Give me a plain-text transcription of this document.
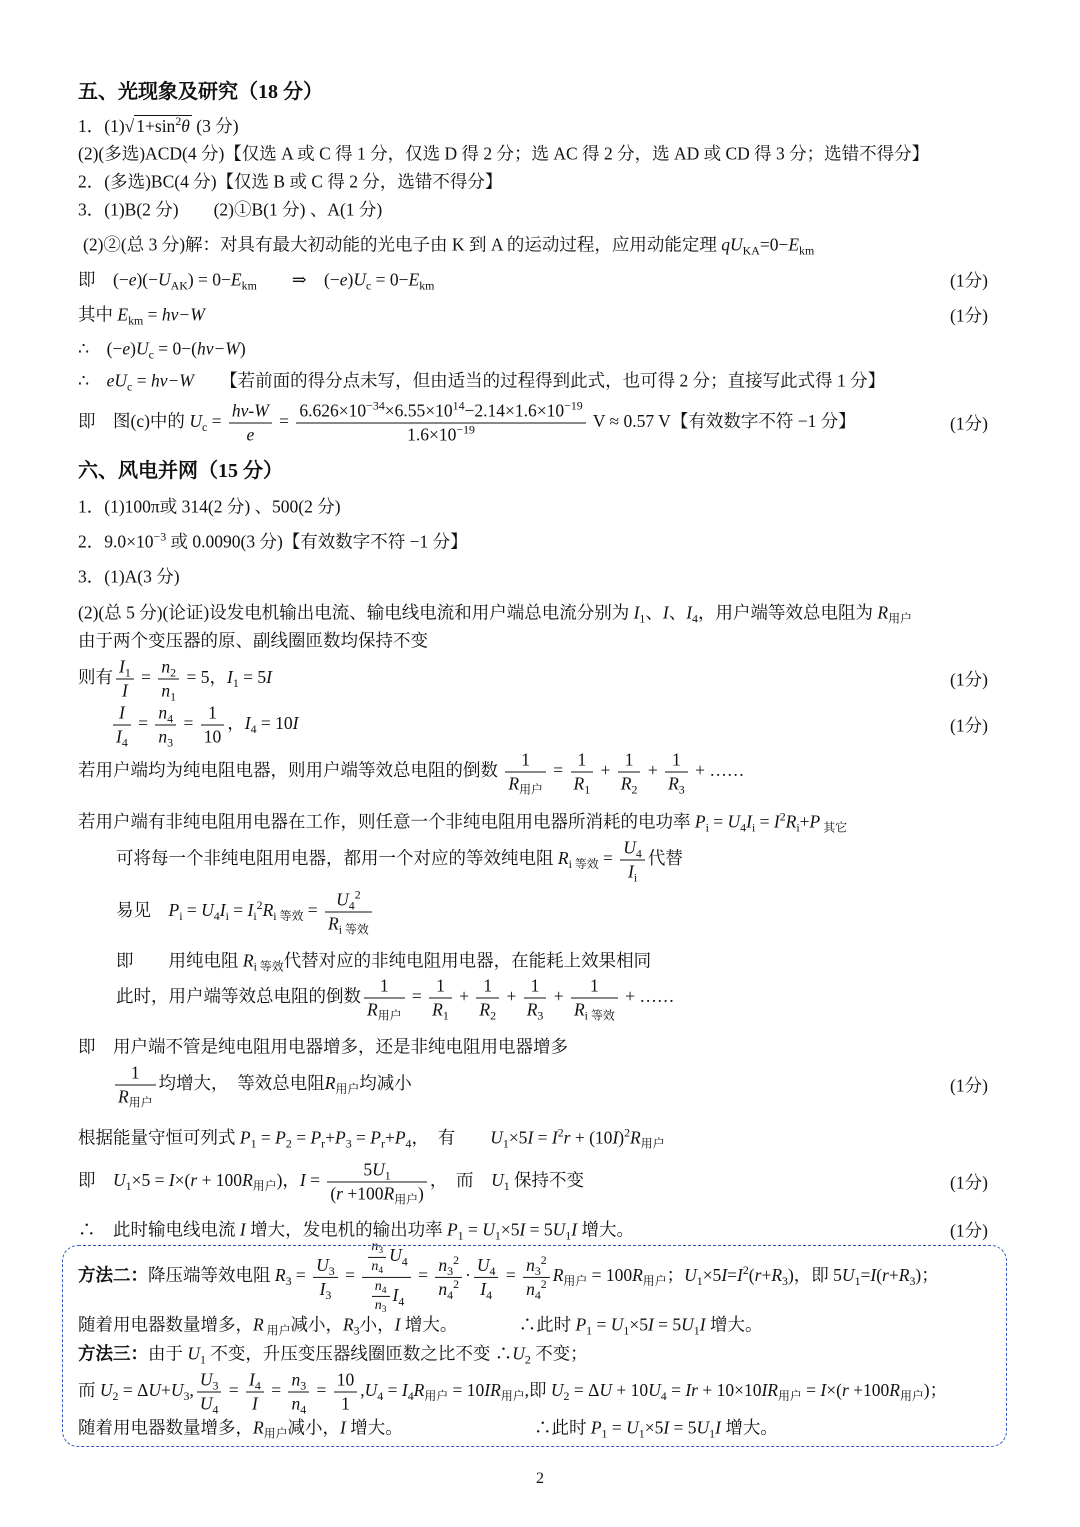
五、光现象及研究（18 分）
1．(1) √ $1+\sin^2\theta$ (3 分)
(2)(多选)ACD(4 分)【仅选 A 或 C 得 1 分，仅选 D 得 2 分；选 AC 得 2 分，选 AD 或 CD 得 3 分；选错不得分】
2．(多选)BC(4 分)【仅选 B 或 C 得 2 分，选错不得分】
3．(1)B(2 分)　　(2)①B(1 分) 、A(1 分)
(2)②(总 3 分)解：对具有最大初动能的光电子由 K 到 A 的运动过程，应用动能定理 $qU_{KA}=0-E_{km}$
即　$(-e)(-U_{AK}) = 0-E_{km}$　　⇒　$(-e)U_c = 0-E_{km}$	(1分)
其中 $E_{km} = h\nu-W$	(1分)
∴　$(-e)U_c = 0-(h\nu-W)$
∴　$eU_c = h\nu-W$　　【若前面的得分点未写，但由适当的过程得到此式，也可得 2 分；直接写此式得 1 分】
即　图(c)中的 $U_c = \frac{h\nu-W}{e} = \frac{6.626\times 10^{-34}\times 6.55\times 10^{14}-2.14\times 1.6\times 10^{-19}}{1.6\times 10^{-19}}$ V ≈ 0.57 V【有效数字不符 −1 分】	(1分)
六、风电并网（15 分）
1．(1)100π或 314(2 分) 、500(2 分)
2．$9.0\times 10^{-3}$ 或 0.0090(3 分)【有效数字不符 −1 分】
3．(1)A(3 分)
(2)(总 5 分)(论证)设发电机输出电流、输电线电流和用户端总电流分别为 $I_1$、I、$I_4$，用户端等效总电阻为 $R_{用户}$
由于两个变压器的原、副线圈匝数均保持不变
则有 $\frac{I_1}{I} = \frac{n_2}{n_1} = 5$，$I_1 = 5I$	(1分)
$\frac{I}{I_4} = \frac{n_4}{n_3} = \frac{1}{10}$ ，$I_4 = 10I$	(1分)
若用户端均为纯电阻电器，则用户端等效总电阻的倒数 $\frac{1}{R_{用户}} = \frac{1}{R_1} + \frac{1}{R_2} + \frac{1}{R_3}$ + ……
若用户端有非纯电阻用电器在工作，则任意一个非纯电阻用电器所消耗的电功率 $P_i = U_4I_i = I^2R_i+P$ $_{其它}$
可将每一个非纯电阻用电器，都用一个对应的等效纯电阻 $R_{i 等效} = \frac{U_4}{I_i}$ 代替
易见　$P_i = U_4I_i = I_i^2R_{i 等效} = \frac{U_4^2}{R_{i 等效}}$
即　　用纯电阻 $R_{i 等效}$代替对应的非纯电阻用电器，在能耗上效果相同
此时，用户端等效总电阻的倒数 $\frac{1}{R_{用户}} = \frac{1}{R_1} + \frac{1}{R_2} + \frac{1}{R_3} + \frac{1}{R_{i 等效}}$ + ……
即　用户端不管是纯电阻用电器增多，还是非纯电阻用电器增多
$\frac{1}{R_{用户}}$ 均增大，　等效总电阻$R_{用户}$均减小	(1分)
根据能量守恒可列式 $P_1 = P_2 = P_r+P_3 = P_r+P_4$，　有　　$U_1\times 5I = I^2r + (10I)^2R_{用户}$
即　$U_1\times 5 = I\times(r + 100R_{用户})$，$I = \frac{5U_1}{(r +100R_{用户})}$ ，　而　$U_1$ 保持不变	(1分)
∴　此时输电线电流 I 增大，发电机的输出功率 $P_1 = U_1\times 5I = 5U_1I$ 增大。	(1分)
方法二：降压端等效电阻 $R_3 = \frac{U_3}{I_3} = \frac{\frac{n_3}{n_4} U_4}{\frac{n_4}{n_3} I_4} = \frac{n_3^2}{n_4^2} \cdot \frac{U_4}{I_4} = \frac{n_3^2}{n_4^2} R_{用户} = 100R_{用户}$；$U_1\times 5I=I^2(r+R_3)$，即 $5U_1=I(r+R_3)$；
随着用电器数量增多，R $_{用户}$减小，$R_3$小，I 增大。　　　　∴此时 $P_1 = U_1\times 5I = 5U_1I$ 增大。
方法三：由于 $U_1$ 不变，升压变压器线圈匝数之比不变 $\therefore U_2$ 不变；
而 $U_2 = \Delta U+U_3$, $\frac{U_3}{U_4} = \frac{I_4}{I} = \frac{n_3}{n_4} = \frac{10}{1} ,U_4 = I_4R_{用户} = 10IR_{用户}$,即 $U_2 = \Delta U + 10U_4 = Ir + 10\times 10IR_{用户} = I\times(r +100R_{用户})$；
随着用电器数量增多，$R_{用户}$减小，I 增大。　　　　　　　　∴此时 $P_1 = U_1\times 5I = 5U_1I$ 增大。
2
